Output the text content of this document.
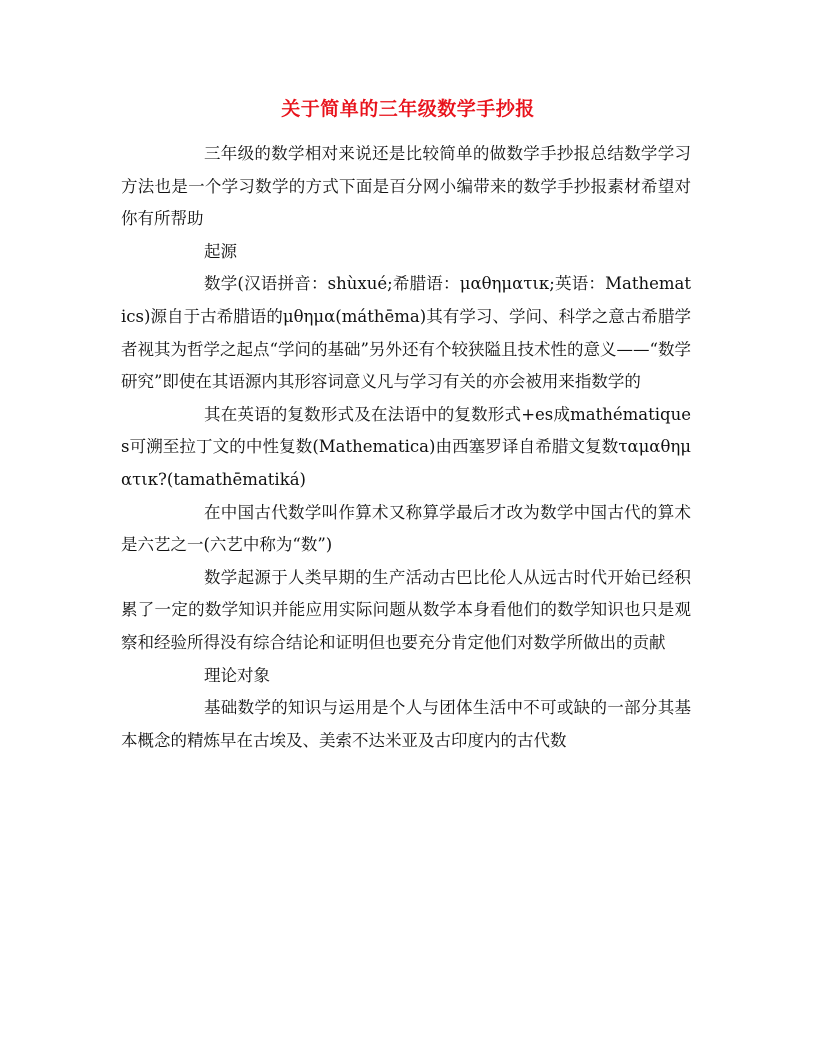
关于简单的三年级数学手抄报

三年级的数学相对来说还是比较简单的做数学手抄报总结数学学习方法也是一个学习数学的方式下面是百分网小编带来的数学手抄报素材希望对你有所帮助

起源

数学(汉语拼音：shùxué;希腊语：μαθηματικ;英语：Mathematics)源自于古希腊语的μθημα(máthēma)其有学习、学问、科学之意古希腊学者视其为哲学之起点“学问的基础”另外还有个较狭隘且技术性的意义——“数学研究”即使在其语源内其形容词意义凡与学习有关的亦会被用来指数学的

其在英语的复数形式及在法语中的复数形式+es成mathématiques可溯至拉丁文的中性复数(Mathematica)由西塞罗译自希腊文复数ταμαθηματικ?(tamathēmatiká)

在中国古代数学叫作算术又称算学最后才改为数学中国古代的算术是六艺之一(六艺中称为“数”)

数学起源于人类早期的生产活动古巴比伦人从远古时代开始已经积累了一定的数学知识并能应用实际问题从数学本身看他们的数学知识也只是观察和经验所得没有综合结论和证明但也要充分肯定他们对数学所做出的贡献

理论对象

基础数学的知识与运用是个人与团体生活中不可或缺的一部分其基本概念的精炼早在古埃及、美索不达米亚及古印度内的古代数
